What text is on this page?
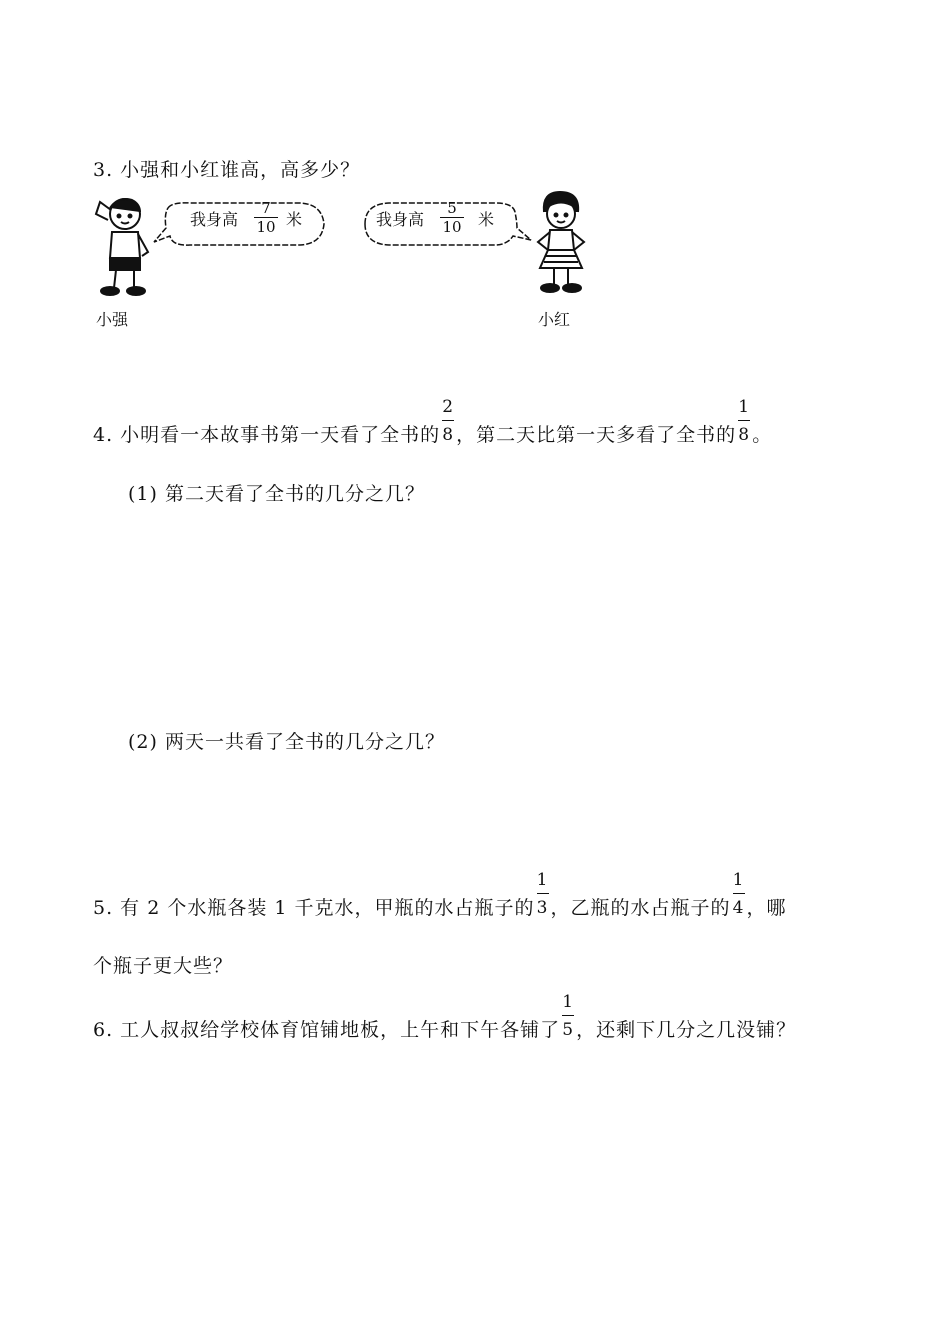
3. 小强和小红谁高，高多少？
小强
我身高
7
10 米	我身高
5
10 米
小红
4. 小明看一本故事书第一天看了全书的 $\frac{2}{8}$ ，第二天比第一天多看了全书的 $\frac{1}{8}$ 。
(1) 第二天看了全书的几分之几？
(2) 两天一共看了全书的几分之几？
5. 有 2 个水瓶各装 1 千克水，甲瓶的水占瓶子的 $\frac{1}{3}$ ，乙瓶的水占瓶子的 $\frac{1}{4}$ ，哪
个瓶子更大些？
6. 工人叔叔给学校体育馆铺地板，上午和下午各铺了 $\frac{1}{5}$ ，还剩下几分之几没铺？
